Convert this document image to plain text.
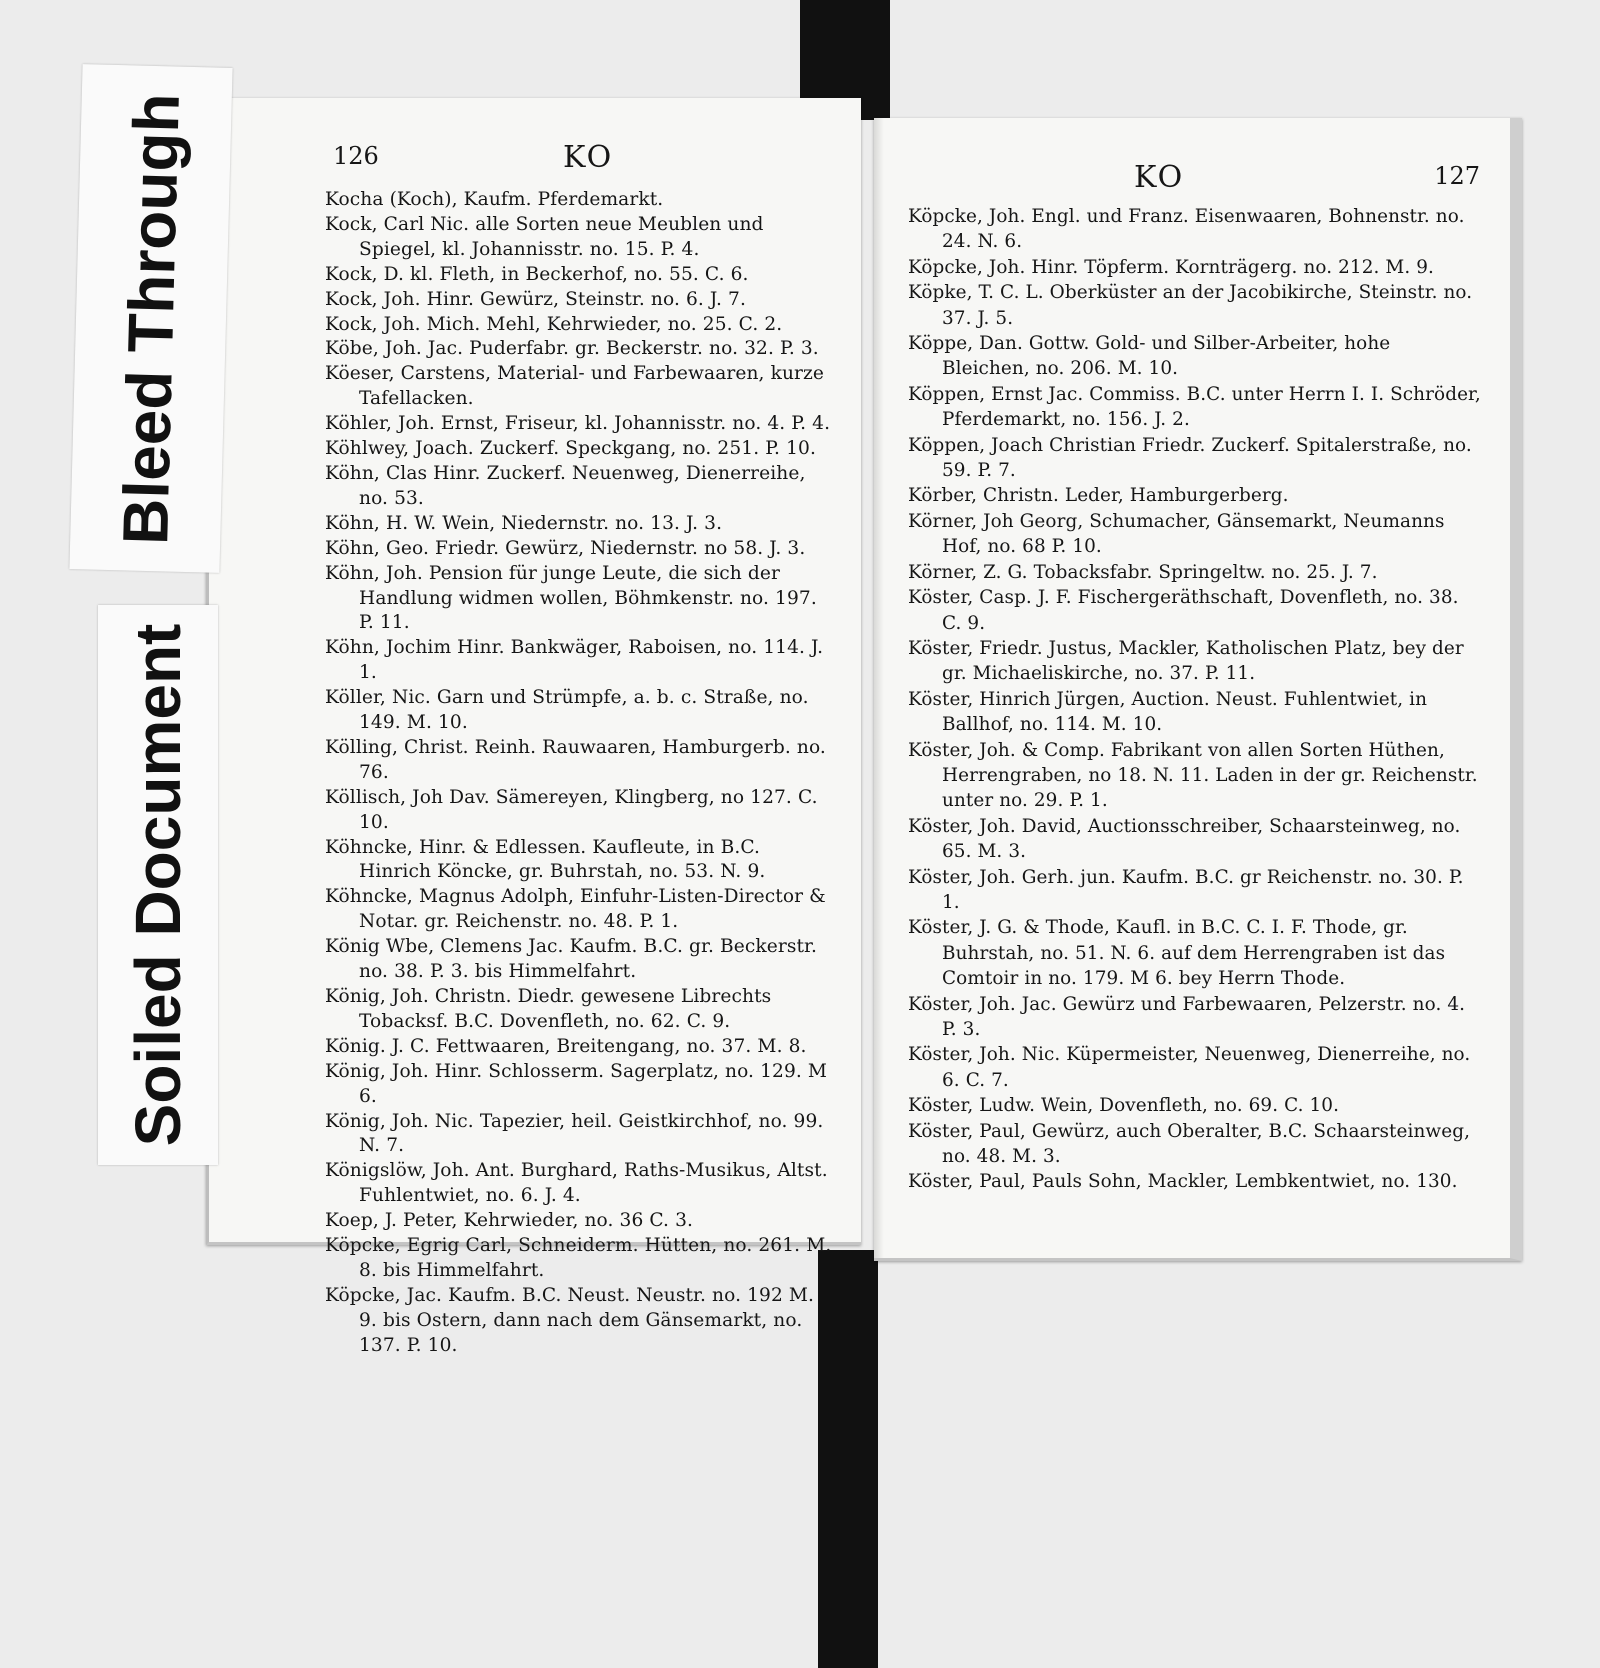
126	KO
Kocha (Koch), Kaufm. Pferdemarkt.
Kock, Carl Nic. alle Sorten neue Meublen und Spiegel, kl. Johannisstr. no. 15. P. 4.
Kock, D. kl. Fleth, in Beckerhof, no. 55. C. 6.
Kock, Joh. Hinr. Gewürz, Steinstr. no. 6. J. 7.
Kock, Joh. Mich. Mehl, Kehrwieder, no. 25. C. 2.
Köbe, Joh. Jac. Puderfabr. gr. Beckerstr. no. 32. P. 3.
Köeser, Carstens, Material- und Farbewaaren, kurze Tafellacken.
Köhler, Joh. Ernst, Friseur, kl. Johannisstr. no. 4. P. 4.
Köhlwey, Joach. Zuckerf. Speckgang, no. 251. P. 10.
Köhn, Clas Hinr. Zuckerf. Neuenweg, Dienerreihe, no. 53.
Köhn, H. W. Wein, Niedernstr. no. 13. J. 3.
Köhn, Geo. Friedr. Gewürz, Niedernstr. no 58. J. 3.
Köhn, Joh. Pension für junge Leute, die sich der Handlung widmen wollen, Böhmkenstr. no. 197. P. 11.
Köhn, Jochim Hinr. Bankwäger, Raboisen, no. 114. J. 1.
Köller, Nic. Garn und Strümpfe, a. b. c. Straße, no. 149. M. 10.
Kölling, Christ. Reinh. Rauwaaren, Hamburgerb. no. 76.
Köllisch, Joh Dav. Sämereyen, Klingberg, no 127. C. 10.
Köhncke, Hinr. & Edlessen. Kaufleute, in B.C. Hinrich Köncke, gr. Buhrstah, no. 53. N. 9.
Köhncke, Magnus Adolph, Einfuhr-Listen-Director & Notar. gr. Reichenstr. no. 48. P. 1.
König Wbe, Clemens Jac. Kaufm. B.C. gr. Beckerstr. no. 38. P. 3. bis Himmelfahrt.
König, Joh. Christn. Diedr. gewesene Librechts Tobacksf. B.C. Dovenfleth, no. 62. C. 9.
König. J. C. Fettwaaren, Breitengang, no. 37. M. 8.
König, Joh. Hinr. Schlosserm. Sagerplatz, no. 129. M 6.
König, Joh. Nic. Tapezier, heil. Geistkirchhof, no. 99. N. 7.
Königslöw, Joh. Ant. Burghard, Raths-Musikus, Altst. Fuhlentwiet, no. 6. J. 4.
Koep, J. Peter, Kehrwieder, no. 36 C. 3.
Köpcke, Egrig Carl, Schneiderm. Hütten, no. 261. M. 8. bis Himmelfahrt.
Köpcke, Jac. Kaufm. B.C. Neust. Neustr. no. 192 M. 9. bis Ostern, dann nach dem Gänsemarkt, no. 137. P. 10.
KO	127
Köpcke, Joh. Engl. und Franz. Eisenwaaren, Bohnenstr. no. 24. N. 6.
Köpcke, Joh. Hinr. Töpferm. Kornträgerg. no. 212. M. 9.
Köpke, T. C. L. Oberküster an der Jacobikirche, Steinstr. no. 37. J. 5.
Köppe, Dan. Gottw. Gold- und Silber-Arbeiter, hohe Bleichen, no. 206. M. 10.
Köppen, Ernst Jac. Commiss. B.C. unter Herrn I. I. Schröder, Pferdemarkt, no. 156. J. 2.
Köppen, Joach Christian Friedr. Zuckerf. Spitalerstraße, no. 59. P. 7.
Körber, Christn. Leder, Hamburgerberg.
Körner, Joh Georg, Schumacher, Gänsemarkt, Neumanns Hof, no. 68 P. 10.
Körner, Z. G. Tobacksfabr. Springeltw. no. 25. J. 7.
Köster, Casp. J. F. Fischergeräthschaft, Dovenfleth, no. 38. C. 9.
Köster, Friedr. Justus, Mackler, Katholischen Platz, bey der gr. Michaeliskirche, no. 37. P. 11.
Köster, Hinrich Jürgen, Auction. Neust. Fuhlentwiet, in Ballhof, no. 114. M. 10.
Köster, Joh. & Comp. Fabrikant von allen Sorten Hüthen, Herrengraben, no 18. N. 11. Laden in der gr. Reichenstr. unter no. 29. P. 1.
Köster, Joh. David, Auctionsschreiber, Schaarsteinweg, no. 65. M. 3.
Köster, Joh. Gerh. jun. Kaufm. B.C. gr Reichenstr. no. 30. P. 1.
Köster, J. G. & Thode, Kaufl. in B.C. C. I. F. Thode, gr. Buhrstah, no. 51. N. 6. auf dem Herrengraben ist das Comtoir in no. 179. M 6. bey Herrn Thode.
Köster, Joh. Jac. Gewürz und Farbewaaren, Pelzerstr. no. 4. P. 3.
Köster, Joh. Nic. Küpermeister, Neuenweg, Dienerreihe, no. 6. C. 7.
Köster, Ludw. Wein, Dovenfleth, no. 69. C. 10.
Köster, Paul, Gewürz, auch Oberalter, B.C. Schaarsteinweg, no. 48. M. 3.
Köster, Paul, Pauls Sohn, Mackler, Lembkentwiet, no. 130.
Bleed Through
Soiled Document
